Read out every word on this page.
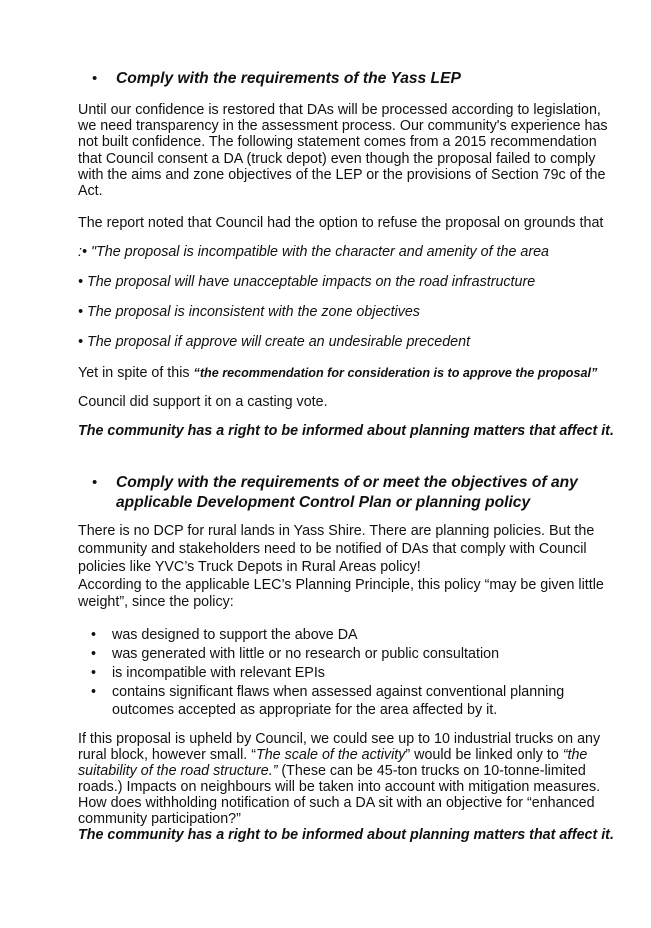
• Comply with the requirements of the Yass LEP
Until our confidence is restored that DAs will be processed according to legislation,
we need transparency in the assessment process. Our community's experience has
not built confidence. The following statement comes from a 2015 recommendation
that Council consent a DA (truck depot) even though the proposal failed to comply
with the aims and zone objectives of the LEP or the provisions of Section 79c of the
Act.
The report noted that Council had the option to refuse the proposal on grounds that
:• "The proposal is incompatible with the character and amenity of the area
• The proposal will have unacceptable impacts on the road infrastructure
• The proposal is inconsistent with the zone objectives
• The proposal if approve will create an undesirable precedent
Yet in spite of this “the recommendation for consideration is to approve the proposal”
Council did support it on a casting vote.
The community has a right to be informed about planning matters that affect it.
• Comply with the requirements of or meet the objectives of any
applicable Development Control Plan or planning policy
There is no DCP for rural lands in Yass Shire. There are planning policies. But the
community and stakeholders need to be notified of DAs that comply with Council
policies like YVC’s Truck Depots in Rural Areas policy!
According to the applicable LEC’s Planning Principle, this policy “may be given little
weight”, since the policy:
• was designed to support the above DA
• was generated with little or no research or public consultation
• is incompatible with relevant EPIs
• contains significant flaws when assessed against conventional planning
outcomes accepted as appropriate for the area affected by it.
If this proposal is upheld by Council, we could see up to 10 industrial trucks on any
rural block, however small. “The scale of the activity” would be linked only to “the
suitability of the road structure.” (These can be 45-ton trucks on 10-tonne-limited
roads.) Impacts on neighbours will be taken into account with mitigation measures.
How does withholding notification of such a DA sit with an objective for “enhanced
community participation?”
The community has a right to be informed about planning matters that affect it.
